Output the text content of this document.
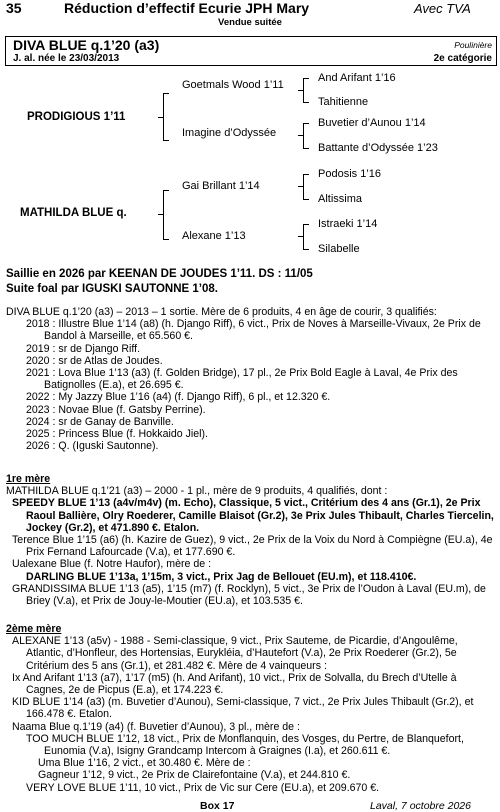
35	Réduction d’effectif Ecurie JPH Mary	Avec TVA
Vendue suitée
DIVA BLUE q.1’20 (a3)	Poulinière
J. al. née le 23/03/2013	2e catégorie
PRODIGIOUS 1’11
MATHILDA BLUE q.
Goetmals Wood 1’11
Imagine d’Odyssée
Gai Brillant 1’14
Alexane 1’13
And Arifant 1’16
Tahitienne
Buvetier d’Aunou 1’14
Battante d’Odyssée 1’23
Podosis 1’16
Altissima
Istraeki 1’14
Silabelle
Saillie en 2026 par KEENAN DE JOUDES 1’11. DS : 11/05
Suite foal par IGUSKI SAUTONNE 1’08.

DIVA BLUE q.1’20 (a3) – 2013 – 1 sortie. Mère de 6 produits, 4 en âge de courir, 3 qualifiés:

2018 : Illustre Blue 1’14 (a8) (h. Django Riff), 6 vict., Prix de Noves à Marseille-Vivaux, 2e Prix de Bandol à Marseille, et 65.560 €.

2019 : sr de Django Riff.

2020 : sr de Atlas de Joudes.

2021 : Lova Blue 1’13 (a3) (f. Golden Bridge), 17 pl., 2e Prix Bold Eagle à Laval, 4e Prix des Batignolles (E.a), et 26.695 €.

2022 : My Jazzy Blue 1’16 (a4) (f. Django Riff), 6 pl., et 12.320 €.

2023 : Novae Blue (f. Gatsby Perrine).

2024 : sr de Ganay de Banville.

2025 : Princess Blue (f. Hokkaido Jiel).

2026 : Q. (Iguski Sautonne).

1re mère

MATHILDA BLUE q.1’21 (a3) – 2000 - 1 pl., mère de 9 produits, 4 qualifiés, dont :

SPEEDY BLUE 1’13 (a4v/m4v) (m. Echo), Classique, 5 vict., Critérium des 4 ans (Gr.1), 2e Prix Raoul Ballière, Olry Roederer, Camille Blaisot (Gr.2), 3e Prix Jules Thibault, Charles Tiercelin, Jockey (Gr.2), et 471.890 €. Etalon.

Terence Blue 1’15 (a6) (h. Kazire de Guez), 9 vict., 2e Prix de la Voix du Nord à Compiègne (EU.a), 4e Prix Fernand Lafourcade (V.a), et 177.690 €.

Ualexane Blue (f. Notre Haufor), mère de :

DARLING BLUE 1’13a, 1’15m, 3 vict., Prix Jag de Bellouet (EU.m), et 118.410€.

GRANDISSIMA BLUE 1’13 (a5), 1’15 (m7) (f. Rocklyn), 5 vict., 3e Prix de l’Oudon à Laval (EU.m), de Briey (V.a), et Prix de Jouy-le-Moutier (EU.a), et 103.535 €.

2ème mère

ALEXANE 1’13 (a5v) - 1988 - Semi-classique, 9 vict., Prix Sauteme, de Picardie, d’Angoulême, Atlantic, d’Honfleur, des Hortensias, Eurykléia, d’Hautefort (V.a), 2e Prix Roederer (Gr.2), 5e Critérium des 5 ans (Gr.1), et 281.482 €. Mère de 4 vainqueurs :

Ix And Arifant 1’13 (a7), 1’17 (m5) (h. And Arifant), 10 vict., Prix de Solvalla, du Brech d’Utelle à Cagnes, 2e de Picpus (E.a), et 174.223 €.

KID BLUE 1’14 (a3) (m. Buvetier d’Aunou), Semi-classique, 7 vict., 2e Prix Jules Thibault (Gr.2), et 166.478 €. Etalon.

Naama Blue q.1’19 (a4) (f. Buvetier d’Aunou), 3 pl., mère de :

TOO MUCH BLUE 1’12, 18 vict., Prix de Monflanquin, des Vosges, du Pertre, de Blanquefort, Eunomia (V.a), Isigny Grandcamp Intercom à Graignes (I.a), et 260.611 €.

Uma Blue 1’16, 2 vict., et 30.480 €. Mère de :

Gagneur 1’12, 9 vict., 2e Prix de Clairefontaine (V.a), et 244.810 €.

VERY LOVE BLUE 1’11, 10 vict., Prix de Vic sur Cere (EU.a), et 209.670 €.

Box 17	Laval, 7 octobre 2026
